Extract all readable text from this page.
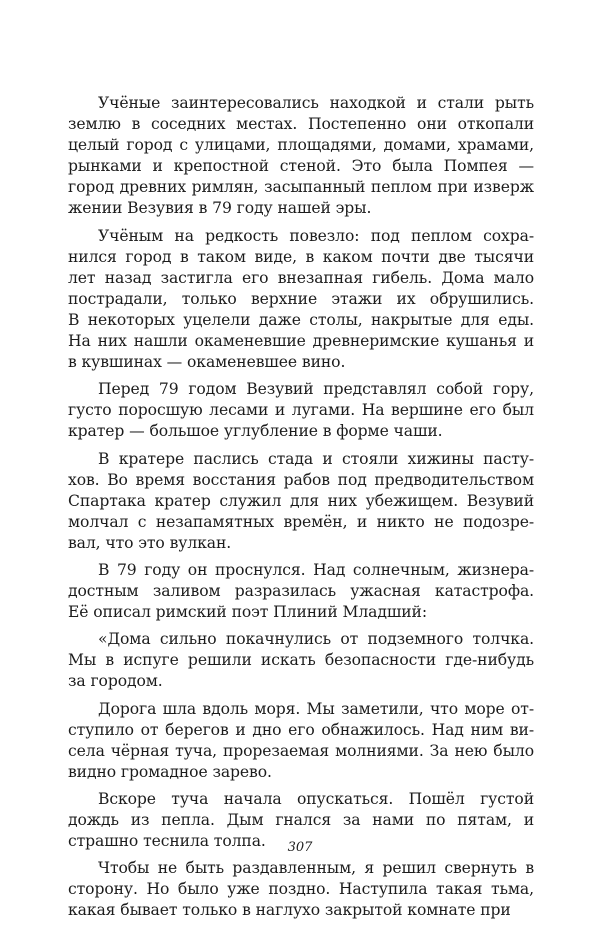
Учёные заинтересовались находкой и стали рыть
землю в соседних местах. Постепенно они откопали
целый город с улицами, площадями, домами, храмами,
рынками и крепостной стеной. Это была Помпея —
город древних римлян, засыпанный пеплом при изверж
жении Везувия в 79 году нашей эры.

Учёным на редкость повезло: под пеплом сохра-
нился город в таком виде, в каком почти две тысячи
лет назад застигла его внезапная гибель. Дома мало
пострадали, только верхние этажи их обрушились.
В некоторых уцелели даже столы, накрытые для еды.
На них нашли окаменевшие древнеримские кушанья и
в кувшинах — окаменевшее вино.

Перед 79 годом Везувий представлял собой гору,
густо поросшую лесами и лугами. На вершине его был
кратер — большое углубление в форме чаши.

В кратере паслись стада и стояли хижины пасту-
хов. Во время восстания рабов под предводительством
Спартака кратер служил для них убежищем. Везувий
молчал с незапамятных времён, и никто не подозре-
вал, что это вулкан.

В 79 году он проснулся. Над солнечным, жизнера-
достным заливом разразилась ужасная катастрофа.
Её описал римский поэт Плиний Младший:

«Дома сильно покачнулись от подземного толчка.
Мы в испуге решили искать безопасности где-нибудь
за городом.

Дорога шла вдоль моря. Мы заметили, что море от-
ступило от берегов и дно его обнажилось. Над ним ви-
села чёрная туча, прорезаемая молниями. За нею было
видно громадное зарево.

Вскоре туча начала опускаться. Пошёл густой
дождь из пепла. Дым гнался за нами по пятам, и
страшно теснила толпа.

Чтобы не быть раздавленным, я решил свернуть в
сторону. Но было уже поздно. Наступила такая тьма,
какая бывает только в наглухо закрытой комнате при

307
